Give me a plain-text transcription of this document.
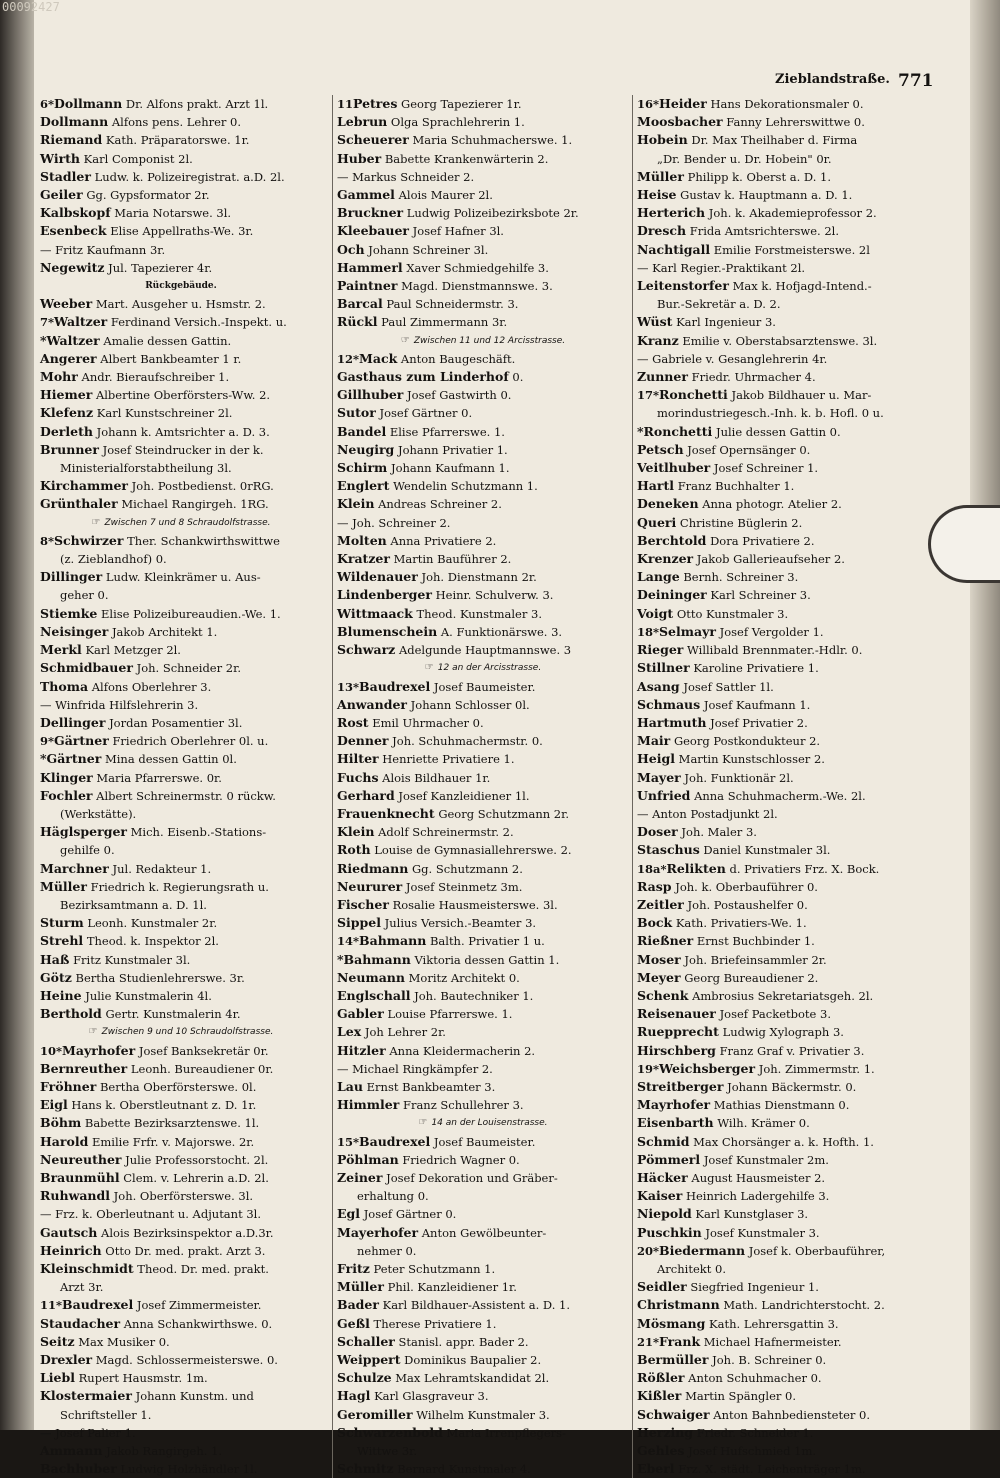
00092427
Zieblandstraße. 771
6*Dollmann Dr. Alfons prakt. Arzt 1l.
Dollmann Alfons pens. Lehrer 0.
Riemand Kath. Präparatorswe. 1r.
Wirth Karl Componist 2l.
Stadler Ludw. k. Polizeiregistrat. a.D. 2l.
Geiler Gg. Gypsformator 2r.
Kalbskopf Maria Notarswe. 3l.
Esenbeck Elise Appellraths-We. 3r.
— Fritz Kaufmann 3r.
Negewitz Jul. Tapezierer 4r.
Rückgebäude.
Weeber Mart. Ausgeher u. Hsmstr. 2.
7*Waltzer Ferdinand Versich.-Inspekt. u.
*Waltzer Amalie dessen Gattin.
Angerer Albert Bankbeamter 1 r.
Mohr Andr. Bieraufschreiber 1.
Hiemer Albertine Oberförsters-Ww. 2.
Klefenz Karl Kunstschreiner 2l.
Derleth Johann k. Amtsrichter a. D. 3.
Brunner Josef Steindrucker in der k.
Ministerialforstabtheilung 3l.
Kirchammer Joh. Postbedienst. 0rRG.
Grünthaler Michael Rangirgeh. 1RG.
☞ Zwischen 7 und 8 Schraudolfstrasse.
8*Schwirzer Ther. Schankwirthswittwe
(z. Zieblandhof) 0.
Dillinger Ludw. Kleinkrämer u. Aus-
geher 0.
Stiemke Elise Polizeibureaudien.-We. 1.
Neisinger Jakob Architekt 1.
Merkl Karl Metzger 2l.
Schmidbauer Joh. Schneider 2r.
Thoma Alfons Oberlehrer 3.
— Winfrida Hilfslehrerin 3.
Dellinger Jordan Posamentier 3l.
9*Gärtner Friedrich Oberlehrer 0l. u.
*Gärtner Mina dessen Gattin 0l.
Klinger Maria Pfarrerswe. 0r.
Fochler Albert Schreinermstr. 0 rückw.
(Werkstätte).
Häglsperger Mich. Eisenb.-Stations-
gehilfe 0.
Marchner Jul. Redakteur 1.
Müller Friedrich k. Regierungsrath u.
Bezirksamtmann a. D. 1l.
Sturm Leonh. Kunstmaler 2r.
Strehl Theod. k. Inspektor 2l.
Haß Fritz Kunstmaler 3l.
Götz Bertha Studienlehrerswe. 3r.
Heine Julie Kunstmalerin 4l.
Berthold Gertr. Kunstmalerin 4r.
☞ Zwischen 9 und 10 Schraudolfstrasse.
10*Mayrhofer Josef Banksekretär 0r.
Bernreuther Leonh. Bureaudiener 0r.
Fröhner Bertha Oberförsterswe. 0l.
Eigl Hans k. Oberstleutnant z. D. 1r.
Böhm Babette Bezirksarztenswe. 1l.
Harold Emilie Frfr. v. Majorswe. 2r.
Neureuther Julie Professorstocht. 2l.
Braunmühl Clem. v. Lehrerin a.D. 2l.
Ruhwandl Joh. Oberförsterswe. 3l.
— Frz. k. Oberleutnant u. Adjutant 3l.
Gautsch Alois Bezirksinspektor a.D.3r.
Heinrich Otto Dr. med. prakt. Arzt 3.
Kleinschmidt Theod. Dr. med. prakt.
Arzt 3r.
11*Baudrexel Josef Zimmermeister.
Staudacher Anna Schankwirthswe. 0.
Seitz Max Musiker 0.
Drexler Magd. Schlossermeisterswe. 0.
Liebl Rupert Hausmstr. 1m.
Klostermaier Johann Kunstm. und
Schriftsteller 1.
— Josef Palier 1.
Ammann Jakob Rangirgeh. 1.
Bachhuber Ludwig Holzhändler 1l.
11Petres Georg Tapezierer 1r.
Lebrun Olga Sprachlehrerin 1.
Scheuerer Maria Schuhmacherswe. 1.
Huber Babette Krankenwärterin 2.
— Markus Schneider 2.
Gammel Alois Maurer 2l.
Bruckner Ludwig Polizeibezirksbote 2r.
Kleebauer Josef Hafner 3l.
Och Johann Schreiner 3l.
Hammerl Xaver Schmiedgehilfe 3.
Paintner Magd. Dienstmannswe. 3.
Barcal Paul Schneidermstr. 3.
Rückl Paul Zimmermann 3r.
☞ Zwischen 11 und 12 Arcisstrasse.
12*Mack Anton Baugeschäft.
Gasthaus zum Linderhof 0.
Gillhuber Josef Gastwirth 0.
Sutor Josef Gärtner 0.
Bandel Elise Pfarrerswe. 1.
Neugirg Johann Privatier 1.
Schirm Johann Kaufmann 1.
Englert Wendelin Schutzmann 1.
Klein Andreas Schreiner 2.
— Joh. Schreiner 2.
Molten Anna Privatiere 2.
Kratzer Martin Bauführer 2.
Wildenauer Joh. Dienstmann 2r.
Lindenberger Heinr. Schulverw. 3.
Wittmaack Theod. Kunstmaler 3.
Blumenschein A. Funktionärswe. 3.
Schwarz Adelgunde Hauptmannswe. 3
☞ 12 an der Arcisstrasse.
13*Baudrexel Josef Baumeister.
Anwander Johann Schlosser 0l.
Rost Emil Uhrmacher 0.
Denner Joh. Schuhmachermstr. 0.
Hilter Henriette Privatiere 1.
Fuchs Alois Bildhauer 1r.
Gerhard Josef Kanzleidiener 1l.
Frauenknecht Georg Schutzmann 2r.
Klein Adolf Schreinermstr. 2.
Roth Louise de Gymnasiallehrerswe. 2.
Riedmann Gg. Schutzmann 2.
Neururer Josef Steinmetz 3m.
Fischer Rosalie Hausmeisterswe. 3l.
Sippel Julius Versich.-Beamter 3.
14*Bahmann Balth. Privatier 1 u.
*Bahmann Viktoria dessen Gattin 1.
Neumann Moritz Architekt 0.
Englschall Joh. Bautechniker 1.
Gabler Louise Pfarrerswe. 1.
Lex Joh Lehrer 2r.
Hitzler Anna Kleidermacherin 2.
— Michael Ringkämpfer 2.
Lau Ernst Bankbeamter 3.
Himmler Franz Schullehrer 3.
☞ 14 an der Louisenstrasse.
15*Baudrexel Josef Baumeister.
Pöhlman Friedrich Wagner 0.
Zeiner Josef Dekoration und Gräber-
erhaltung 0.
Egl Josef Gärtner 0.
Mayerhofer Anton Gewölbeunter-
nehmer 0.
Fritz Peter Schutzmann 1.
Müller Phil. Kanzleidiener 1r.
Bader Karl Bildhauer-Assistent a. D. 1.
Geßl Therese Privatiere 1.
Schaller Stanisl. appr. Bader 2.
Weippert Dominikus Baupalier 2.
Schulze Max Lehramtskandidat 2l.
Hagl Karl Glasgraveur 3.
Geromiller Wilhelm Kunstmaler 3.
Schwarzenbold Maria Irrenpflegers-
Wittwe 3r.
Schmitz Bernard Kunstmaler 4.
16*Heider Hans Dekorationsmaler 0.
Moosbacher Fanny Lehrerswittwe 0.
Hobein Dr. Max Theilhaber d. Firma
„Dr. Bender u. Dr. Hobein" 0r.
Müller Philipp k. Oberst a. D. 1.
Heise Gustav k. Hauptmann a. D. 1.
Herterich Joh. k. Akademieprofessor 2.
Dresch Frida Amtsrichterswe. 2l.
Nachtigall Emilie Forstmeisterswe. 2l
— Karl Regier.-Praktikant 2l.
Leitenstorfer Max k. Hofjagd-Intend.-
Bur.-Sekretär a. D. 2.
Wüst Karl Ingenieur 3.
Kranz Emilie v. Oberstabsarztenswe. 3l.
— Gabriele v. Gesanglehrerin 4r.
Zunner Friedr. Uhrmacher 4.
17*Ronchetti Jakob Bildhauer u. Mar-
morindustriegesch.-Inh. k. b. Hofl. 0 u.
*Ronchetti Julie dessen Gattin 0.
Petsch Josef Opernsänger 0.
Veitlhuber Josef Schreiner 1.
Hartl Franz Buchhalter 1.
Deneken Anna photogr. Atelier 2.
Queri Christine Büglerin 2.
Berchtold Dora Privatiere 2.
Krenzer Jakob Gallerieaufseher 2.
Lange Bernh. Schreiner 3.
Deininger Karl Schreiner 3.
Voigt Otto Kunstmaler 3.
18*Selmayr Josef Vergolder 1.
Rieger Willibald Brennmater.-Hdlr. 0.
Stillner Karoline Privatiere 1.
Asang Josef Sattler 1l.
Schmaus Josef Kaufmann 1.
Hartmuth Josef Privatier 2.
Mair Georg Postkondukteur 2.
Heigl Martin Kunstschlosser 2.
Mayer Joh. Funktionär 2l.
Unfried Anna Schuhmacherm.-We. 2l.
— Anton Postadjunkt 2l.
Doser Joh. Maler 3.
Staschus Daniel Kunstmaler 3l.
18a*Relikten d. Privatiers Frz. X. Bock.
Rasp Joh. k. Oberbauführer 0.
Zeitler Joh. Postaushelfer 0.
Bock Kath. Privatiers-We. 1.
Rießner Ernst Buchbinder 1.
Moser Joh. Briefeinsammler 2r.
Meyer Georg Bureaudiener 2.
Schenk Ambrosius Sekretariatsgeh. 2l.
Reisenauer Josef Packetbote 3.
Ruepprecht Ludwig Xylograph 3.
Hirschberg Franz Graf v. Privatier 3.
19*Weichsberger Joh. Zimmermstr. 1.
Streitberger Johann Bäckermstr. 0.
Mayrhofer Mathias Dienstmann 0.
Eisenbarth Wilh. Krämer 0.
Schmid Max Chorsänger a. k. Hofth. 1.
Pömmerl Josef Kunstmaler 2m.
Häcker August Hausmeister 2.
Kaiser Heinrich Ladergehilfe 3.
Niepold Karl Kunstglaser 3.
Puschkin Josef Kunstmaler 3.
20*Biedermann Josef k. Oberbauführer,
Architekt 0.
Seidler Siegfried Ingenieur 1.
Christmann Math. Landrichterstocht. 2.
Mösmang Kath. Lehrersgattin 3.
21*Frank Michael Hafnermeister.
Bermüller Joh. B. Schreiner 0.
Rößler Anton Schuhmacher 0.
Kißler Martin Spängler 0.
Schwaiger Anton Bahnbediensteter 0.
Herzing Friedr. Schneider 1.
Gehles Josef Hufschmied 1m.
Eberl Frz. X. städt. Leichenträger 1m.
